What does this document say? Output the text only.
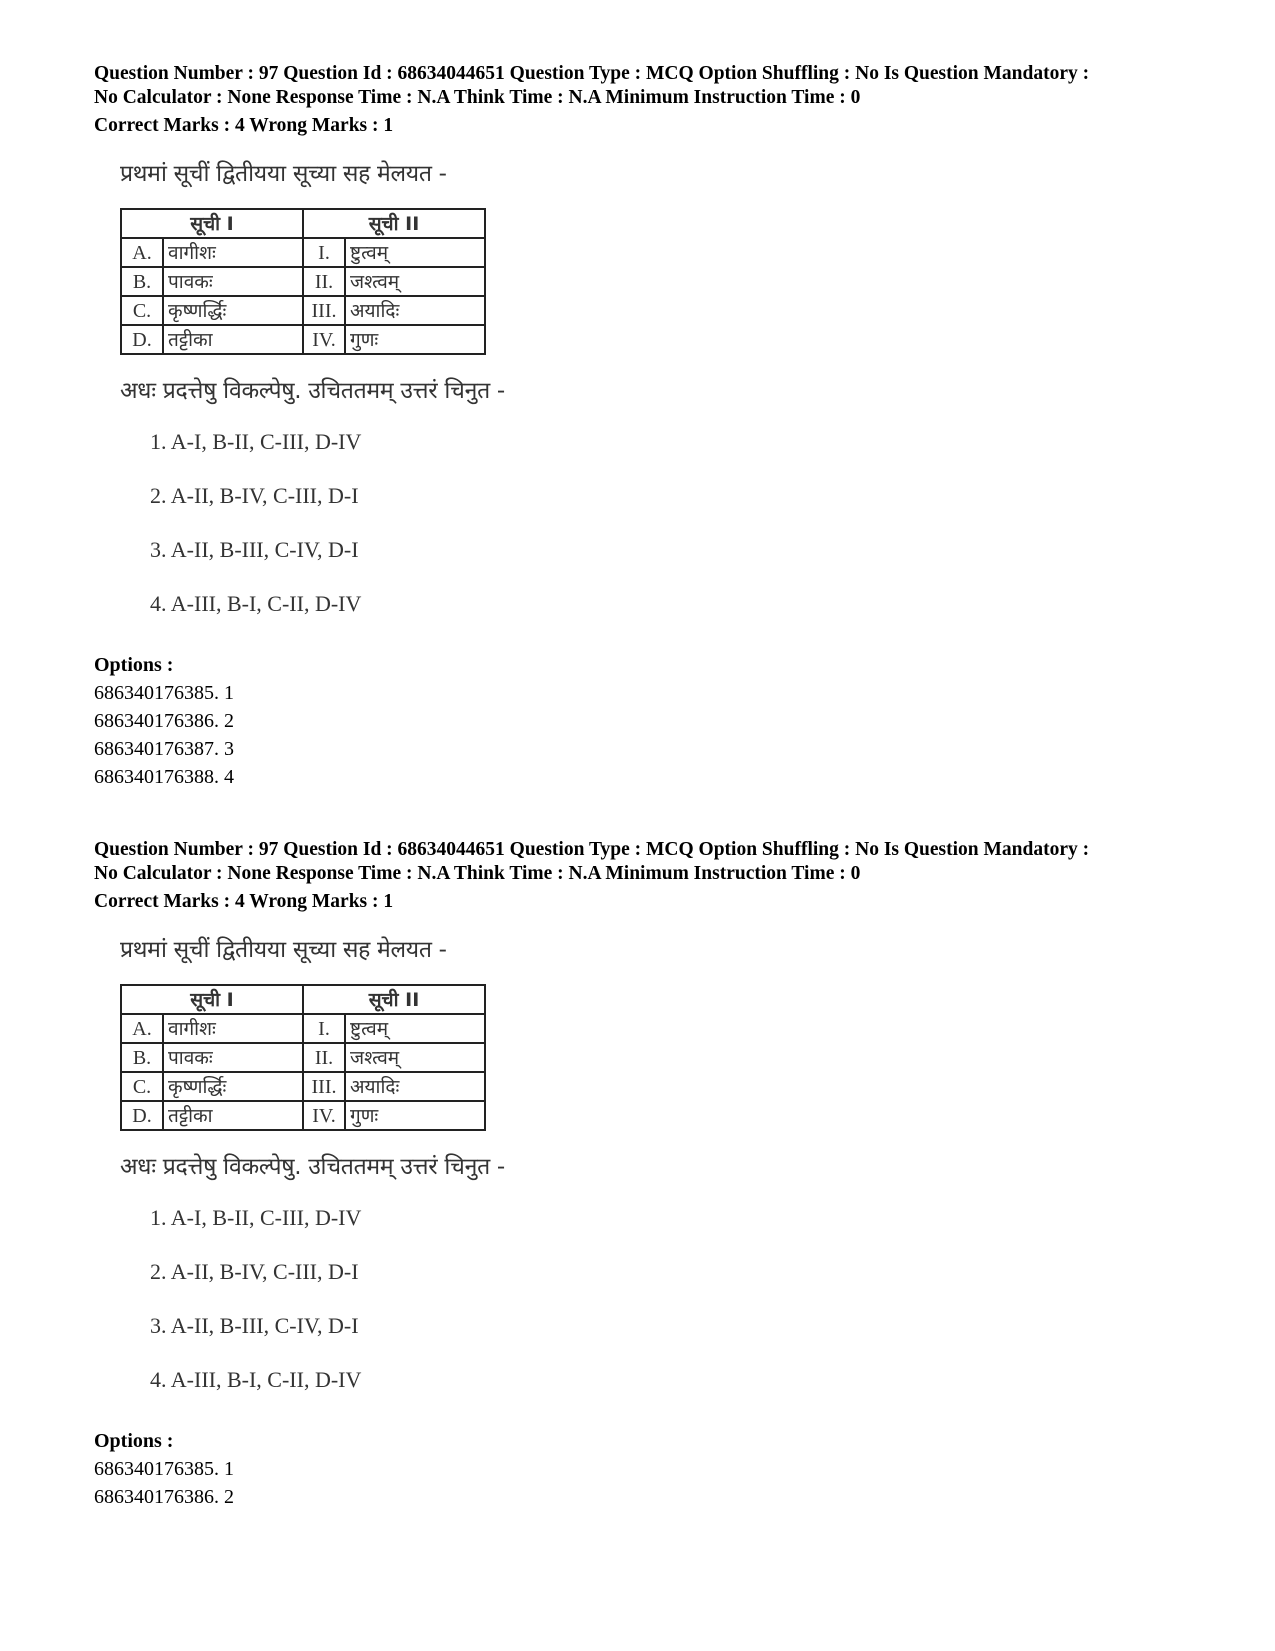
Question Number : 97 Question Id : 68634044651 Question Type : MCQ Option Shuffling : No Is Question Mandatory :
No Calculator : None Response Time : N.A Think Time : N.A Minimum Instruction Time : 0
Correct Marks : 4 Wrong Marks : 1
प्रथमां सूचीं द्वितीयया सूच्या सह मेलयत -
सूची I		सूची II	
A.	वागीशः	I.	ष्टुत्वम्
B.	पावकः	II.	जश्त्वम्
C.	कृष्णर्द्धिः	III.	अयादिः
D.	तट्टीका	IV.	गुणः
अधः प्रदत्तेषु विकल्पेषु. उचिततमम् उत्तरं चिनुत -
1. A-I, B-II, C-III, D-IV
2. A-II, B-IV, C-III, D-I
3. A-II, B-III, C-IV, D-I
4. A-III, B-I, C-II, D-IV
Options :
686340176385. 1
686340176386. 2
686340176387. 3
686340176388. 4
Question Number : 97 Question Id : 68634044651 Question Type : MCQ Option Shuffling : No Is Question Mandatory :
No Calculator : None Response Time : N.A Think Time : N.A Minimum Instruction Time : 0
Correct Marks : 4 Wrong Marks : 1
प्रथमां सूचीं द्वितीयया सूच्या सह मेलयत -
सूची I		सूची II	
A.	वागीशः	I.	ष्टुत्वम्
B.	पावकः	II.	जश्त्वम्
C.	कृष्णर्द्धिः	III.	अयादिः
D.	तट्टीका	IV.	गुणः
अधः प्रदत्तेषु विकल्पेषु. उचिततमम् उत्तरं चिनुत -
1. A-I, B-II, C-III, D-IV
2. A-II, B-IV, C-III, D-I
3. A-II, B-III, C-IV, D-I
4. A-III, B-I, C-II, D-IV
Options :
686340176385. 1
686340176386. 2
